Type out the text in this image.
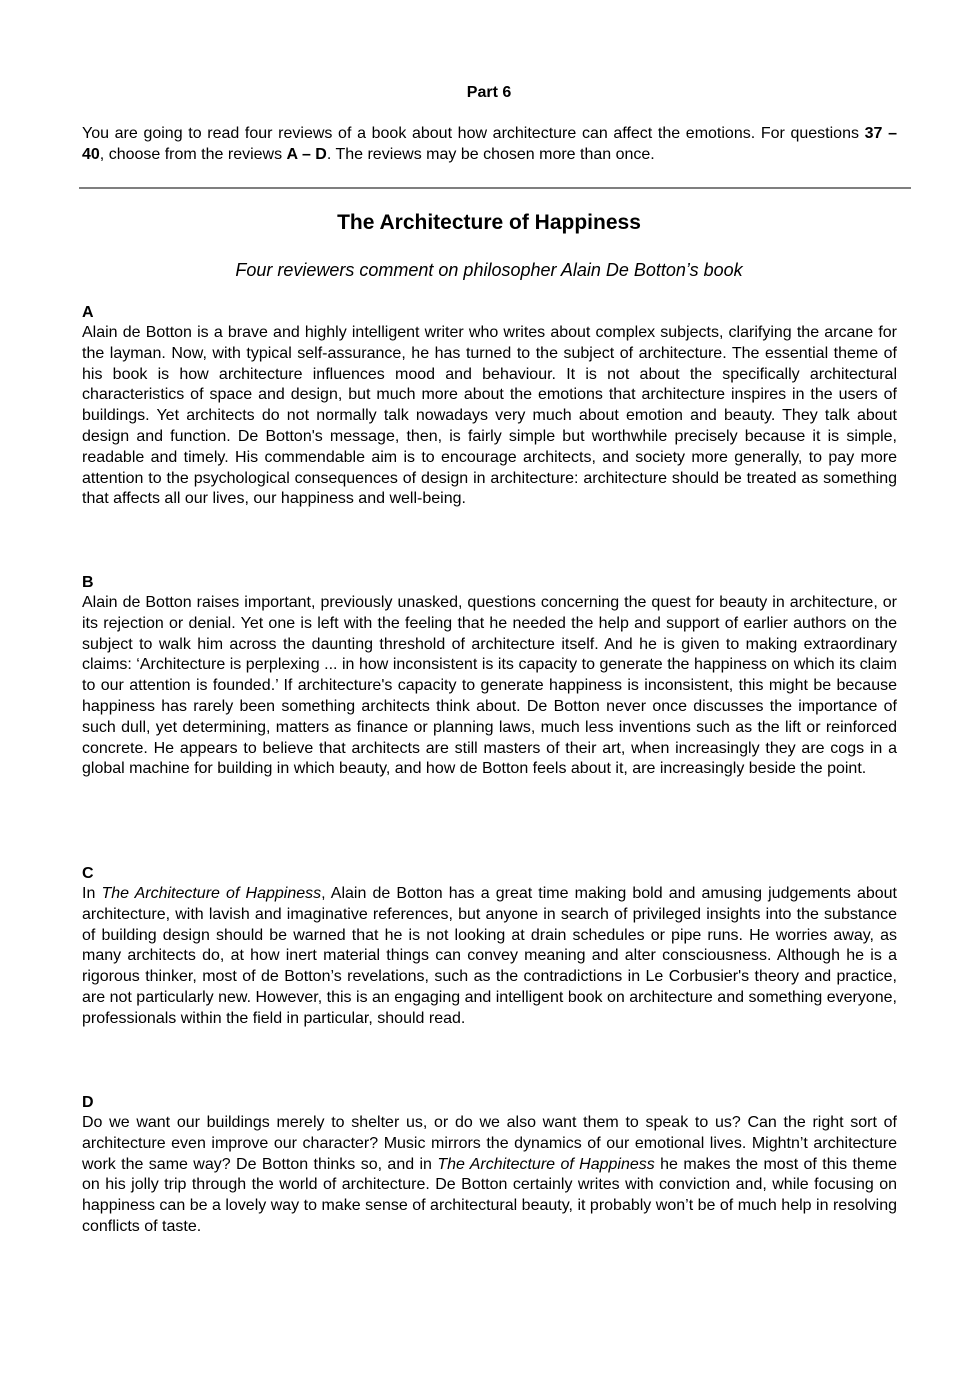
Part 6
You are going to read four reviews of a book about how architecture can affect the emotions. For questions 37 – 40, choose from the reviews A – D. The reviews may be chosen more than once.
The Architecture of Happiness
Four reviewers comment on philosopher Alain De Botton’s book
A
Alain de Botton is a brave and highly intelligent writer who writes about complex subjects, clarifying the arcane for the layman. Now, with typical self-assurance, he has turned to the subject of architecture. The essential theme of his book is how architecture influences mood and behaviour. It is not about the specifically architectural characteristics of space and design, but much more about the emotions that architecture inspires in the users of buildings. Yet architects do not normally talk nowadays very much about emotion and beauty. They talk about design and function. De Botton's message, then, is fairly simple but worthwhile precisely because it is simple, readable and timely. His commendable aim is to encourage architects, and society more generally, to pay more attention to the psychological consequences of design in architecture: architecture should be treated as something that affects all our lives, our happiness and well-being.
B
Alain de Botton raises important, previously unasked, questions concerning the quest for beauty in architecture, or its rejection or denial. Yet one is left with the feeling that he needed the help and support of earlier authors on the subject to walk him across the daunting threshold of architecture itself. And he is given to making extraordinary claims: ‘Architecture is perplexing ... in how inconsistent is its capacity to generate the happiness on which its claim to our attention is founded.’ If architecture's capacity to generate happiness is inconsistent, this might be because happiness has rarely been something architects think about. De Botton never once discusses the importance of such dull, yet determining, matters as finance or planning laws, much less inventions such as the lift or reinforced concrete. He appears to believe that architects are still masters of their art, when increasingly they are cogs in a global machine for building in which beauty, and how de Botton feels about it, are increasingly beside the point.
C
In The Architecture of Happiness, Alain de Botton has a great time making bold and amusing judgements about architecture, with lavish and imaginative references, but anyone in search of privileged insights into the substance of building design should be warned that he is not looking at drain schedules or pipe runs. He worries away, as many architects do, at how inert material things can convey meaning and alter consciousness. Although he is a rigorous thinker, most of de Botton’s revelations, such as the contradictions in Le Corbusier's theory and practice, are not particularly new. However, this is an engaging and intelligent book on architecture and something everyone, professionals within the field in particular, should read.
D
Do we want our buildings merely to shelter us, or do we also want them to speak to us? Can the right sort of architecture even improve our character? Music mirrors the dynamics of our emotional lives. Mightn’t architecture work the same way? De Botton thinks so, and in The Architecture of Happiness he makes the most of this theme on his jolly trip through the world of architecture. De Botton certainly writes with conviction and, while focusing on happiness can be a lovely way to make sense of architectural beauty, it probably won’t be of much help in resolving conflicts of taste.
